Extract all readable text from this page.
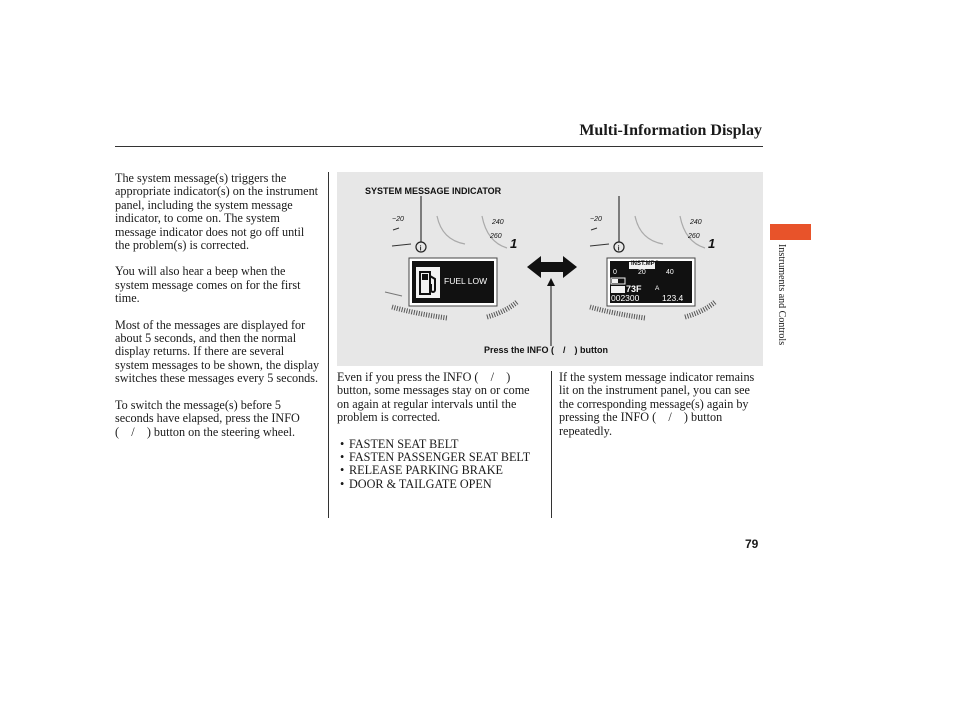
Multi-Information Display

The system message(s) triggers the appropriate indicator(s) on the instrument panel, including the system message indicator, to come on. The system message indicator does not go off until the problem(s) is corrected.

You will also hear a beep when the system message comes on for the first time.

Most of the messages are displayed for about 5 seconds, and then the normal display returns. If there are several system messages to be shown, the display switches these messages every 5 seconds.

To switch the message(s) before 5 seconds have elapsed, press the INFO (  /  ) button on the steering wheel.

i	i
SYSTEM MESSAGE INDICATOR
Press the INFO ( / ) button
−20	240
260 1
FUEL LOW
−20	240
260 1
INST.MPG
0	20	40
73F A
002300	123.4

Even if you press the INFO (  /  ) button, some messages stay on or come on again at regular intervals until the problem is corrected.

• FASTEN SEAT BELT
• FASTEN PASSENGER SEAT BELT
• RELEASE PARKING BRAKE
• DOOR & TAILGATE OPEN

If the system message indicator remains lit on the instrument panel, you can see the corresponding message(s) again by pressing the INFO (  /  ) button repeatedly.

Instruments and Controls
79
